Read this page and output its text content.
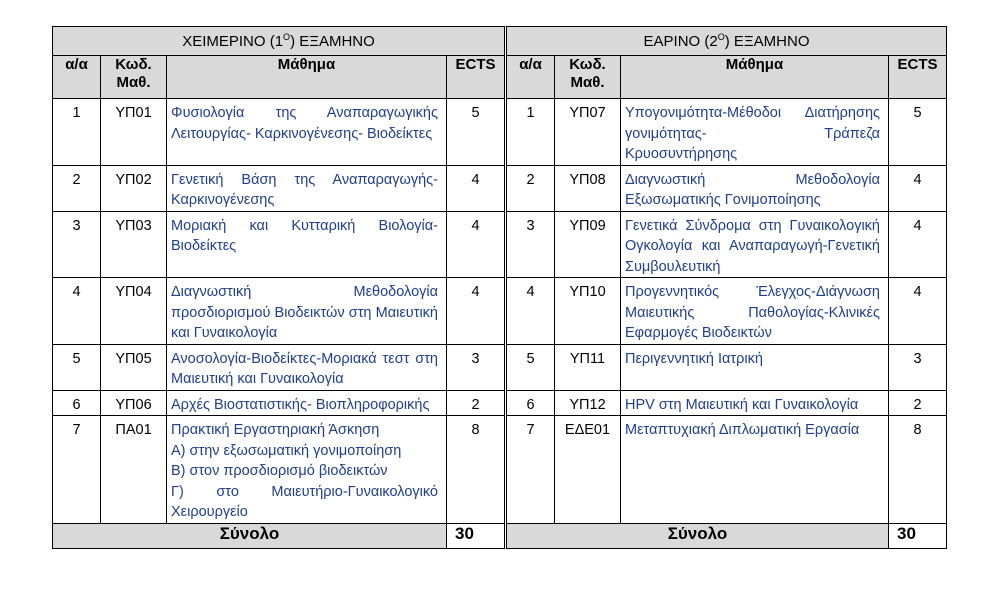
ΧΕΙΜΕΡΙΝΟ $(1^O)$ ΕΞΑΜΗΝΟ					ΕΑΡΙΝΟ $(2^O)$ ΕΞΑΜΗΝΟ			
α/α	Κωδ. Μαθ.	Μάθημα	ECTS		α/α	Κωδ. Μαθ.	Μάθημα	ECTS
1	ΥΠ01	Φυσιολογία της Αναπαραγωγικής Λειτουργίας- Καρκινογένεσης- Βιοδείκτες	5		1	ΥΠ07	Υπογονιμότητα-Μέθοδοι Διατήρησης γονιμότητας- Τράπεζα Κρυοσυντήρησης	5
2	ΥΠ02	Γενετική Βάση της Αναπαραγωγής- Καρκινογένεσης	4		2	ΥΠ08	Διαγνωστική Μεθοδολογία Εξωσωματικής Γονιμοποίησης	4
3	ΥΠ03	Μοριακή και Κυτταρική Βιολογία- Βιοδείκτες	4		3	ΥΠ09	Γενετικά Σύνδρομα στη Γυναικολογική Ογκολογία και Αναπαραγωγή-Γενετική Συμβουλευτική	4
4	ΥΠ04	Διαγνωστική Μεθοδολογία προσδιορισμού Βιοδεικτών στη Μαιευτική και Γυναικολογία	4		4	ΥΠ10	Προγεννητικός Έλεγχος-Διάγνωση Μαιευτικής Παθολογίας-Κλινικές Εφαρμογές Βιοδεικτών	4
5	ΥΠ05	Ανοσολογία-Βιοδείκτες-Μοριακά τεστ στη Μαιευτική και Γυναικολογία	3		5	ΥΠ11	Περιγεννητική Ιατρική	3
6	ΥΠ06	Αρχές Βιοστατιστικής- Βιοπληροφορικής	2		6	ΥΠ12	HPV στη Μαιευτική και Γυναικολογία	2
7	ΠΑ01	Πρακτική Εργαστηριακή Άσκηση
Α) στην εξωσωματική γονιμοποίηση
Β) στον προσδιορισμό βιοδεικτών
Γ) στο Μαιευτήριο-Γυναικολογικό Χειρουργείο	8		7	ΕΔΕ01	Μεταπτυχιακή Διπλωματική Εργασία	8
Σύνολο			30		Σύνολο			30
